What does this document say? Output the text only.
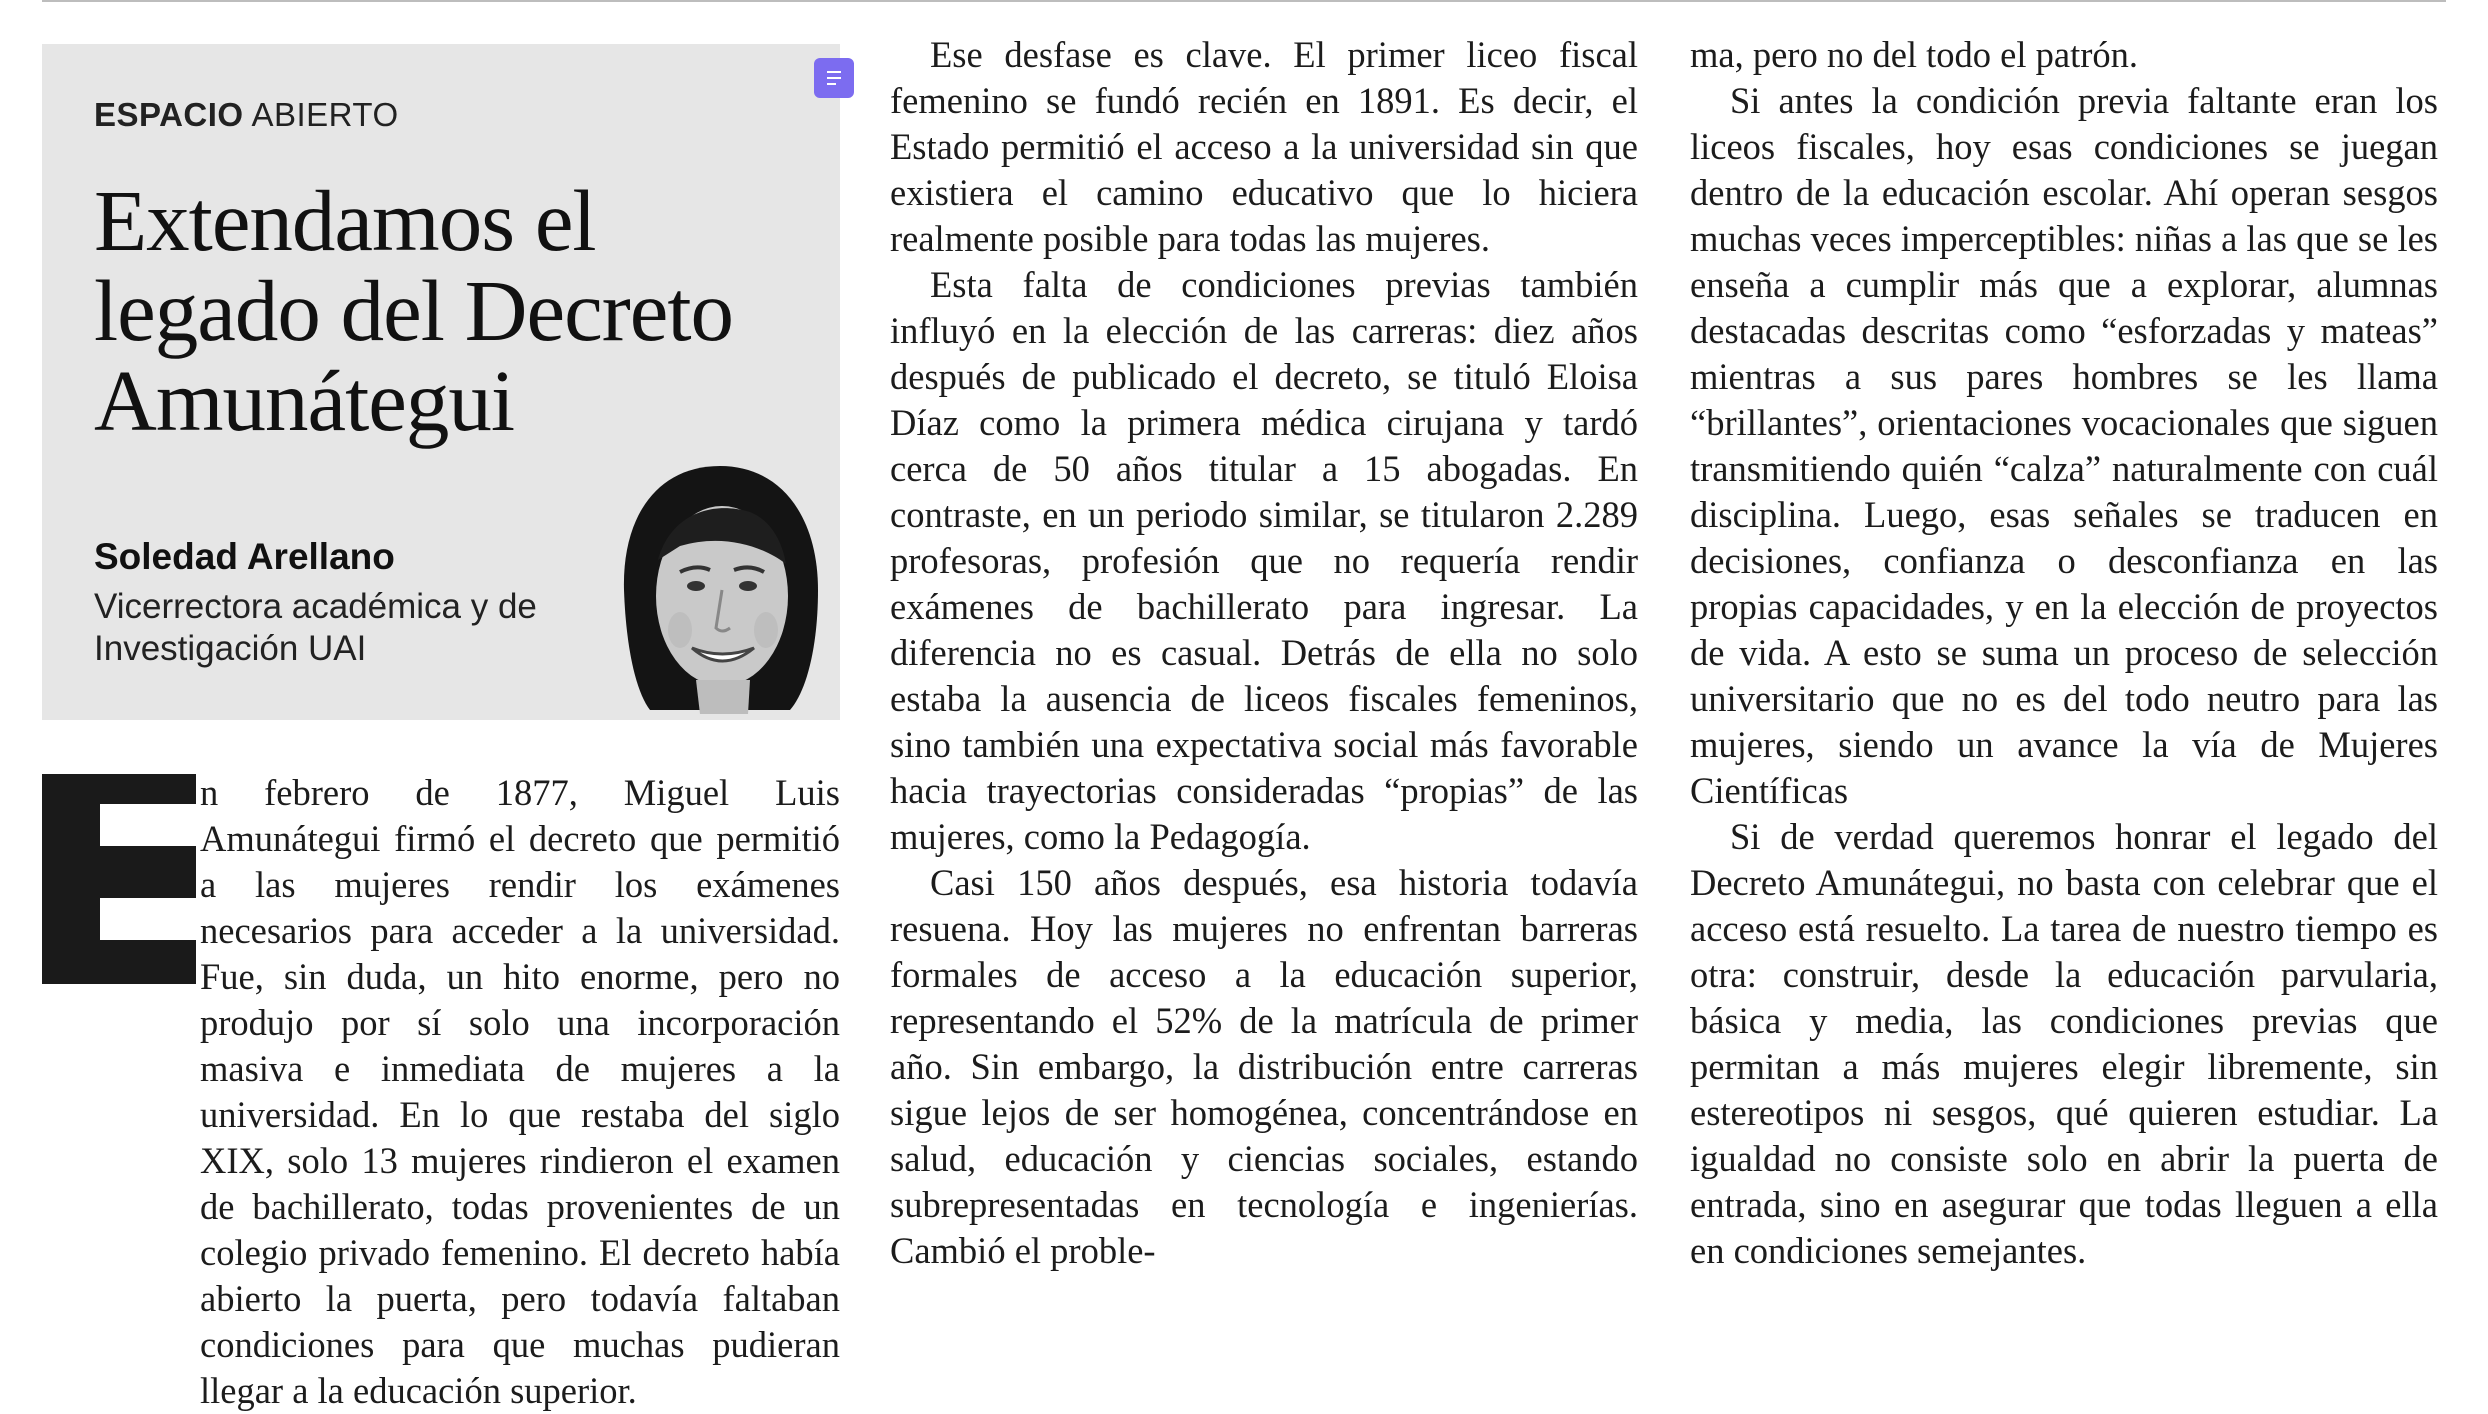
ESPACIO ABIERTO
Extendamos el legado del Decreto Amunátegui
Soledad Arellano
Vicerrectora académica y de Investigación UAI

n febrero de 1877, Miguel Luis Amunátegui firmó el decreto que permitió a las mujeres rendir los exámenes necesarios para acceder a la universidad. Fue, sin duda, un hito enorme, pero no produjo por sí solo una incorporación masiva e inmediata de mujeres a la universidad. En lo que restaba del siglo XIX, solo 13 mujeres rindieron el examen de bachillerato, todas provenientes de un colegio privado femenino. El decreto había abierto la puerta, pero todavía faltaban condiciones para que muchas pudieran llegar a la educación superior.

Ese desfase es clave. El primer liceo fiscal femenino se fundó recién en 1891. Es decir, el Estado permitió el acceso a la universidad sin que existiera el camino educativo que lo hiciera realmente posible para todas las mujeres.

Esta falta de condiciones previas también influyó en la elección de las carreras: diez años después de publicado el decreto, se tituló Eloisa Díaz como la primera médica cirujana y tardó cerca de 50 años titular a 15 abogadas. En contraste, en un periodo similar, se titularon 2.289 profesoras, profesión que no requería rendir exámenes de bachillerato para ingresar. La diferencia no es casual. Detrás de ella no solo estaba la ausencia de liceos fiscales femeninos, sino también una expectativa social más favorable hacia trayectorias consideradas “propias” de las mujeres, como la Pedagogía.

Casi 150 años después, esa historia todavía resuena. Hoy las mujeres no enfrentan barreras formales de acceso a la educación superior, representando el 52% de la matrícula de primer año. Sin embargo, la distribución entre carreras sigue lejos de ser homogénea, concentrándose en salud, educación y ciencias sociales, estando subrepresentadas en tecnología e ingenierías. Cambió el proble-

ma, pero no del todo el patrón.

Si antes la condición previa faltante eran los liceos fiscales, hoy esas condiciones se juegan dentro de la educación escolar. Ahí operan sesgos muchas veces imperceptibles: niñas a las que se les enseña a cumplir más que a explorar, alumnas destacadas descritas como “esforzadas y mateas” mientras a sus pares hombres se les llama “brillantes”, orientaciones vocacionales que siguen transmitiendo quién “calza” naturalmente con cuál disciplina. Luego, esas señales se traducen en decisiones, confianza o desconfianza en las propias capacidades, y en la elección de proyectos de vida. A esto se suma un proceso de selección universitario que no es del todo neutro para las mujeres, siendo un avance la vía de Mujeres Científicas

Si de verdad queremos honrar el legado del Decreto Amunátegui, no basta con celebrar que el acceso está resuelto. La tarea de nuestro tiempo es otra: construir, desde la educación parvularia, básica y media, las condiciones previas que permitan a más mujeres elegir libremente, sin estereotipos ni sesgos, qué quieren estudiar. La igualdad no consiste solo en abrir la puerta de entrada, sino en asegurar que todas lleguen a ella en condiciones semejantes.
